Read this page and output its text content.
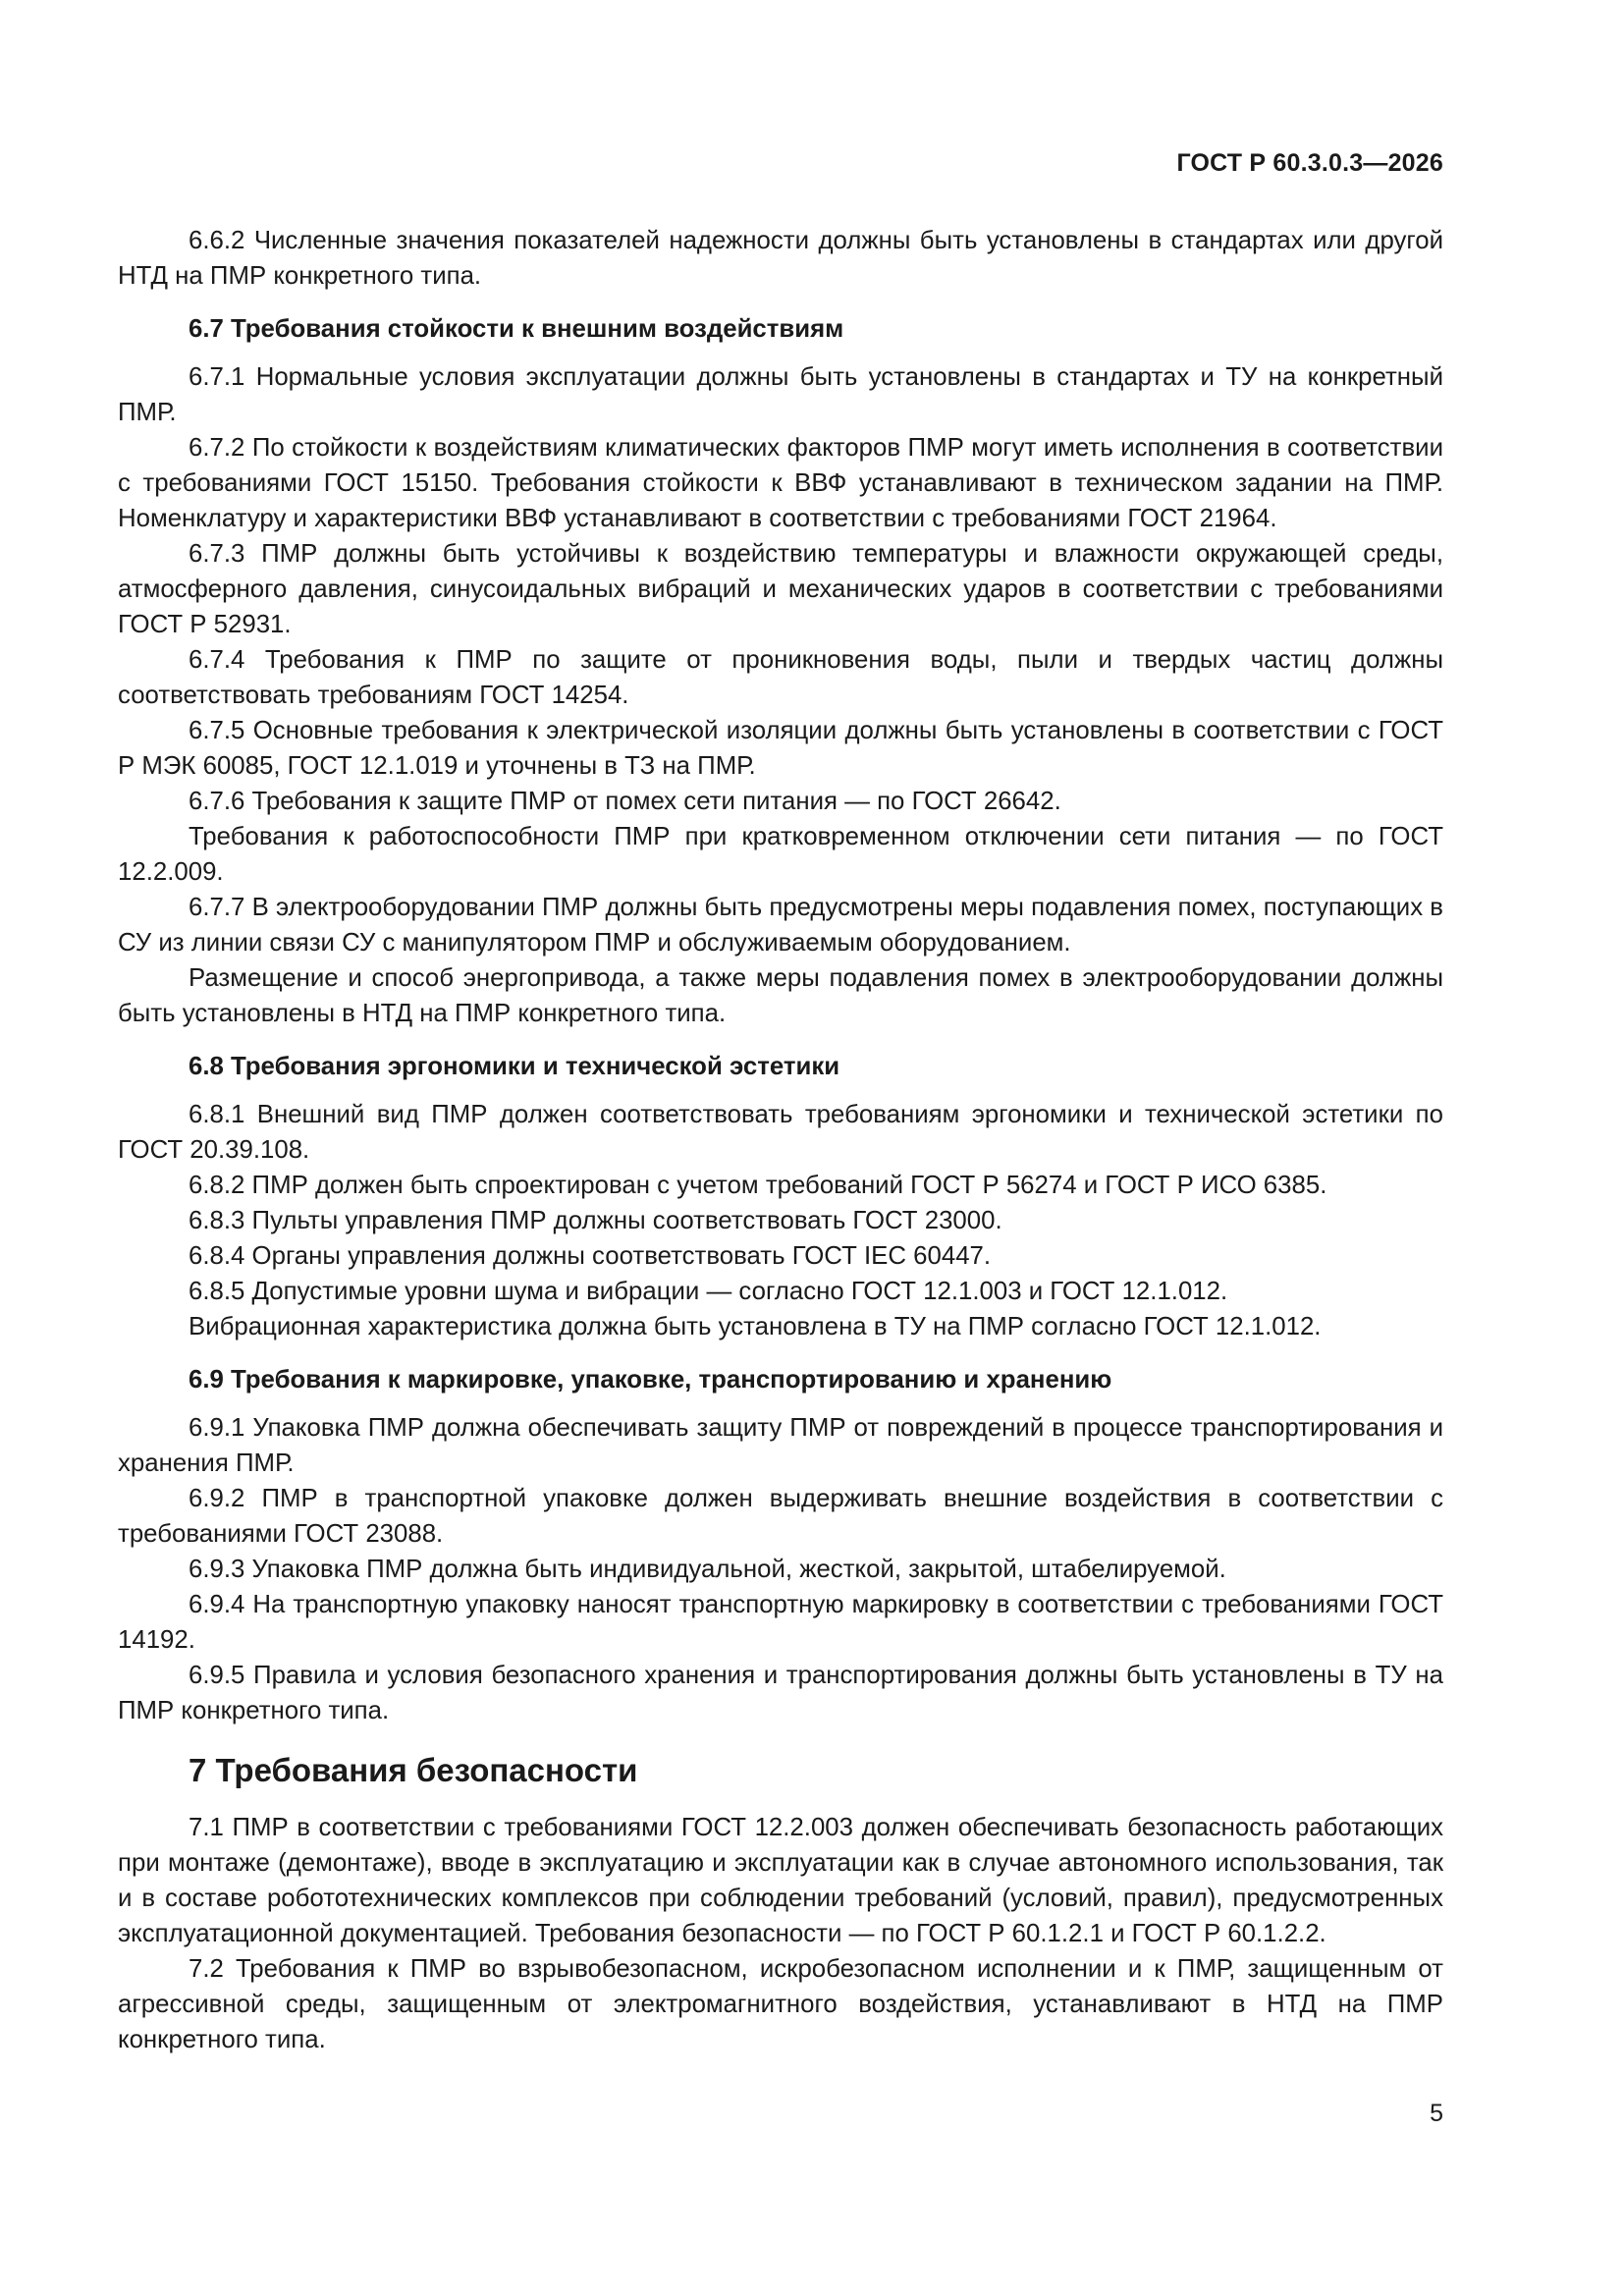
ГОСТ Р 60.3.0.3—2026

6.6.2 Численные значения показателей надежности должны быть установлены в стандартах или другой НТД на ПМР конкретного типа.

6.7 Требования стойкости к внешним воздействиям

6.7.1 Нормальные условия эксплуатации должны быть установлены в стандартах и ТУ на конкретный ПМР.

6.7.2 По стойкости к воздействиям климатических факторов ПМР могут иметь исполнения в соответствии с требованиями ГОСТ 15150. Требования стойкости к ВВФ устанавливают в техническом задании на ПМР. Номенклатуру и характеристики ВВФ устанавливают в соответствии с требованиями ГОСТ 21964.

6.7.3 ПМР должны быть устойчивы к воздействию температуры и влажности окружающей среды, атмосферного давления, синусоидальных вибраций и механических ударов в соответствии с требованиями ГОСТ Р 52931.

6.7.4 Требования к ПМР по защите от проникновения воды, пыли и твердых частиц должны соответствовать требованиям ГОСТ 14254.

6.7.5 Основные требования к электрической изоляции должны быть установлены в соответствии с ГОСТ Р МЭК 60085, ГОСТ 12.1.019 и уточнены в ТЗ на ПМР.

6.7.6 Требования к защите ПМР от помех сети питания — по ГОСТ 26642.

Требования к работоспособности ПМР при кратковременном отключении сети питания — по ГОСТ 12.2.009.

6.7.7 В электрооборудовании ПМР должны быть предусмотрены меры подавления помех, поступающих в СУ из линии связи СУ с манипулятором ПМР и обслуживаемым оборудованием.

Размещение и способ энергопривода, а также меры подавления помех в электрооборудовании должны быть установлены в НТД на ПМР конкретного типа.

6.8 Требования эргономики и технической эстетики

6.8.1 Внешний вид ПМР должен соответствовать требованиям эргономики и технической эстетики по ГОСТ 20.39.108.

6.8.2 ПМР должен быть спроектирован с учетом требований ГОСТ Р 56274 и ГОСТ Р ИСО 6385.

6.8.3 Пульты управления ПМР должны соответствовать ГОСТ 23000.

6.8.4 Органы управления должны соответствовать ГОСТ IEC 60447.

6.8.5 Допустимые уровни шума и вибрации — согласно ГОСТ 12.1.003 и ГОСТ 12.1.012.

Вибрационная характеристика должна быть установлена в ТУ на ПМР согласно ГОСТ 12.1.012.

6.9 Требования к маркировке, упаковке, транспортированию и хранению

6.9.1 Упаковка ПМР должна обеспечивать защиту ПМР от повреждений в процессе транспортирования и хранения ПМР.

6.9.2 ПМР в транспортной упаковке должен выдерживать внешние воздействия в соответствии с требованиями ГОСТ 23088.

6.9.3 Упаковка ПМР должна быть индивидуальной, жесткой, закрытой, штабелируемой.

6.9.4 На транспортную упаковку наносят транспортную маркировку в соответствии с требованиями ГОСТ 14192.

6.9.5 Правила и условия безопасного хранения и транспортирования должны быть установлены в ТУ на ПМР конкретного типа.

7 Требования безопасности

7.1 ПМР в соответствии с требованиями ГОСТ 12.2.003 должен обеспечивать безопасность работающих при монтаже (демонтаже), вводе в эксплуатацию и эксплуатации как в случае автономного использования, так и в составе робототехнических комплексов при соблюдении требований (условий, правил), предусмотренных эксплуатационной документацией. Требования безопасности — по ГОСТ Р 60.1.2.1 и ГОСТ Р 60.1.2.2.

7.2 Требования к ПМР во взрывобезопасном, искробезопасном исполнении и к ПМР, защищенным от агрессивной среды, защищенным от электромагнитного воздействия, устанавливают в НТД на ПМР конкретного типа.

5
